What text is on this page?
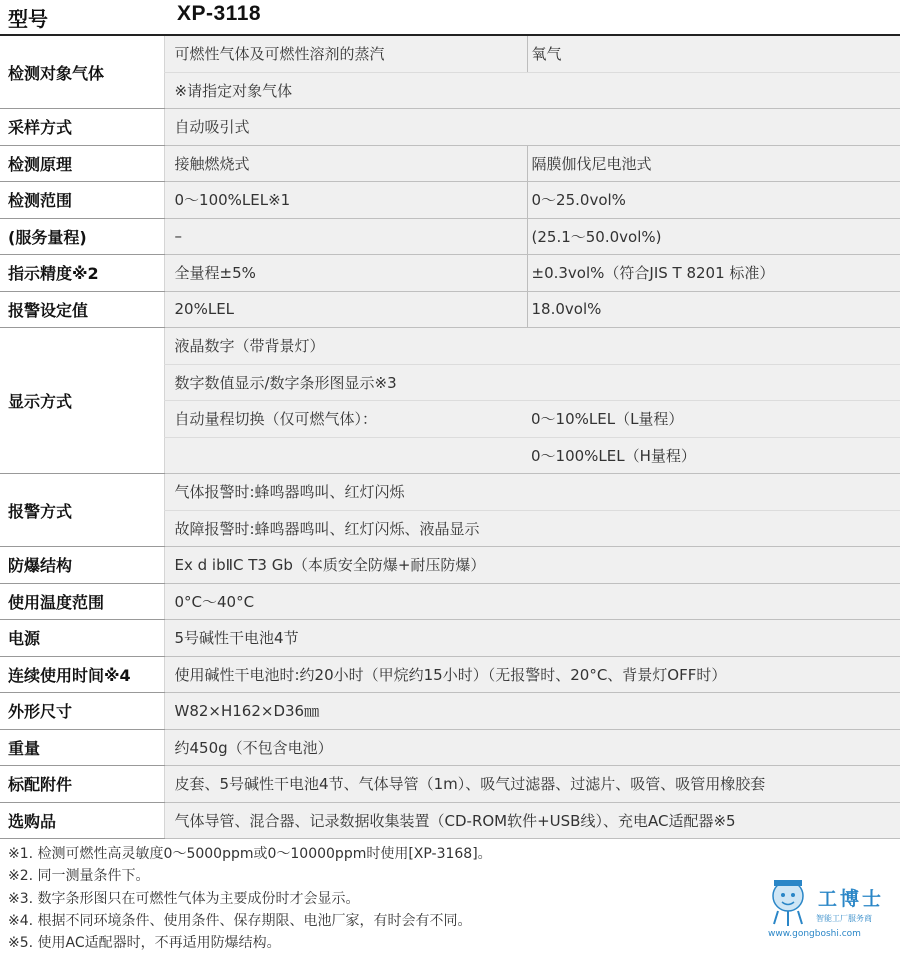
型号	XP-3118
检测对象气体	可燃性气体及可燃性溶剂的蒸汽	氧气
	※请指定对象气体	
采样方式	自动吸引式	
检测原理	接触燃烧式	隔膜伽伐尼电池式
检测范围	0～100%LEL※1	0～25.0vol%
(服务量程)	–	(25.1～50.0vol%)
指示精度※2	全量程±5%	±0.3vol%（符合JIS T 8201 标准）
报警设定值	20%LEL	18.0vol%
显示方式	液晶数字（带背景灯）	
	数字数值显示/数字条形图显示※3	
	自动量程切换（仅可燃气体）：	0～10%LEL（L量程）
		0～100%LEL（H量程）
报警方式	气体报警时:蜂鸣器鸣叫、红灯闪烁	
	故障报警时:蜂鸣器鸣叫、红灯闪烁、液晶显示	
防爆结构	Ex d ibⅡC T3 Gb（本质安全防爆+耐压防爆）	
使用温度范围	0°C～40°C	
电源	5号碱性干电池4节	
连续使用时间※4	使用碱性干电池时:约20小时（甲烷约15小时）（无报警时、20°C、背景灯OFF时）	
外形尺寸	W82×H162×D36㎜	
重量	约450g（不包含电池）	
标配附件	皮套、5号碱性干电池4节、气体导管（1m）、吸气过滤器、过滤片、吸管、吸管用橡胶套	
选购品	气体导管、混合器、记录数据收集装置（CD-ROM软件+USB线）、充电AC适配器※5	
※1. 检测可燃性高灵敏度0～5000ppm或0～10000ppm时使用[XP-3168]。
※2. 同一测量条件下。
※3. 数字条形图只在可燃性气体为主要成份时才会显示。
※4. 根据不同环境条件、使用条件、保存期限、电池厂家，有时会有不同。
※5. 使用AC适配器时，不再适用防爆结构。
工博士
智能工厂服务商
www.gongboshi.com
